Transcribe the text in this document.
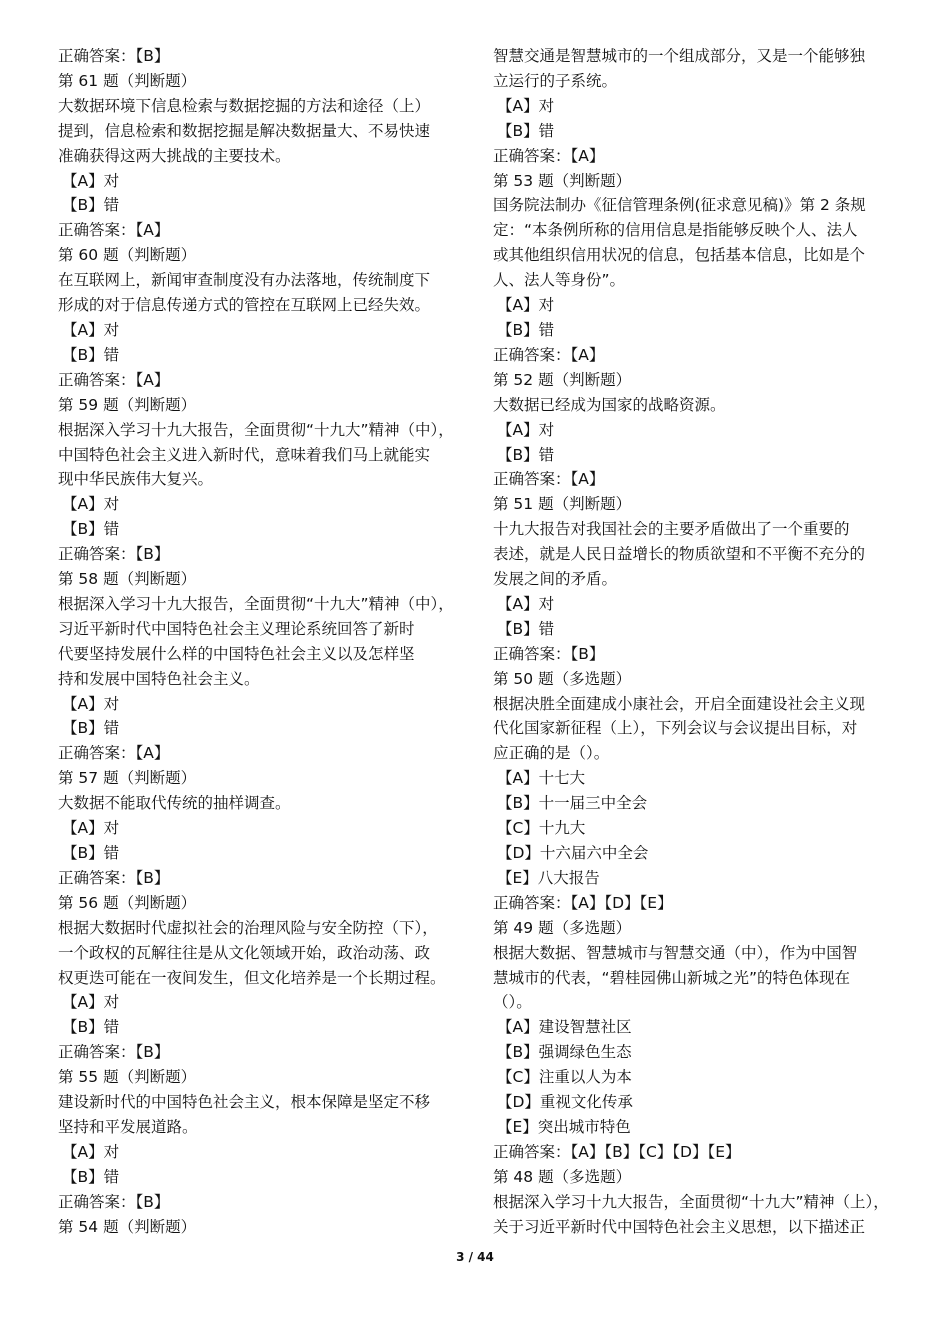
正确答案：【B】
第 61 题（判断题）
大数据环境下信息检索与数据挖掘的方法和途径（上）
提到，信息检索和数据挖掘是解决数据量大、不易快速
准确获得这两大挑战的主要技术。
【A】对
【B】错
正确答案：【A】
第 60 题（判断题）
在互联网上，新闻审查制度没有办法落地，传统制度下
形成的对于信息传递方式的管控在互联网上已经失效。
【A】对
【B】错
正确答案：【A】
第 59 题（判断题）
根据深入学习十九大报告，全面贯彻“十九大”精神（中），
中国特色社会主义进入新时代，意味着我们马上就能实
现中华民族伟大复兴。
【A】对
【B】错
正确答案：【B】
第 58 题（判断题）
根据深入学习十九大报告，全面贯彻“十九大”精神（中），
习近平新时代中国特色社会主义理论系统回答了新时
代要坚持发展什么样的中国特色社会主义以及怎样坚
持和发展中国特色社会主义。
【A】对
【B】错
正确答案：【A】
第 57 题（判断题）
大数据不能取代传统的抽样调查。
【A】对
【B】错
正确答案：【B】
第 56 题（判断题）
根据大数据时代虚拟社会的治理风险与安全防控（下），
一个政权的瓦解往往是从文化领域开始，政治动荡、政
权更迭可能在一夜间发生，但文化培养是一个长期过程。
【A】对
【B】错
正确答案：【B】
第 55 题（判断题）
建设新时代的中国特色社会主义，根本保障是坚定不移
坚持和平发展道路。
【A】对
【B】错
正确答案：【B】
第 54 题（判断题）
智慧交通是智慧城市的一个组成部分，又是一个能够独
立运行的子系统。
【A】对
【B】错
正确答案：【A】
第 53 题（判断题）
国务院法制办《征信管理条例(征求意见稿)》第 2 条规
定：“本条例所称的信用信息是指能够反映个人、法人
或其他组织信用状况的信息，包括基本信息，比如是个
人、法人等身份”。
【A】对
【B】错
正确答案：【A】
第 52 题（判断题）
大数据已经成为国家的战略资源。
【A】对
【B】错
正确答案：【A】
第 51 题（判断题）
十九大报告对我国社会的主要矛盾做出了一个重要的
表述，就是人民日益增长的物质欲望和不平衡不充分的
发展之间的矛盾。
【A】对
【B】错
正确答案：【B】
第 50 题（多选题）
根据决胜全面建成小康社会，开启全面建设社会主义现
代化国家新征程（上），下列会议与会议提出目标，对
应正确的是（）。
【A】十七大
【B】十一届三中全会
【C】十九大
【D】十六届六中全会
【E】八大报告
正确答案：【A】【D】【E】
第 49 题（多选题）
根据大数据、智慧城市与智慧交通（中），作为中国智
慧城市的代表，“碧桂园佛山新城之光”的特色体现在
（）。
【A】建设智慧社区
【B】强调绿色生态
【C】注重以人为本
【D】重视文化传承
【E】突出城市特色
正确答案：【A】【B】【C】【D】【E】
第 48 题（多选题）
根据深入学习十九大报告，全面贯彻“十九大”精神（上），
关于习近平新时代中国特色社会主义思想，以下描述正
3 / 44
